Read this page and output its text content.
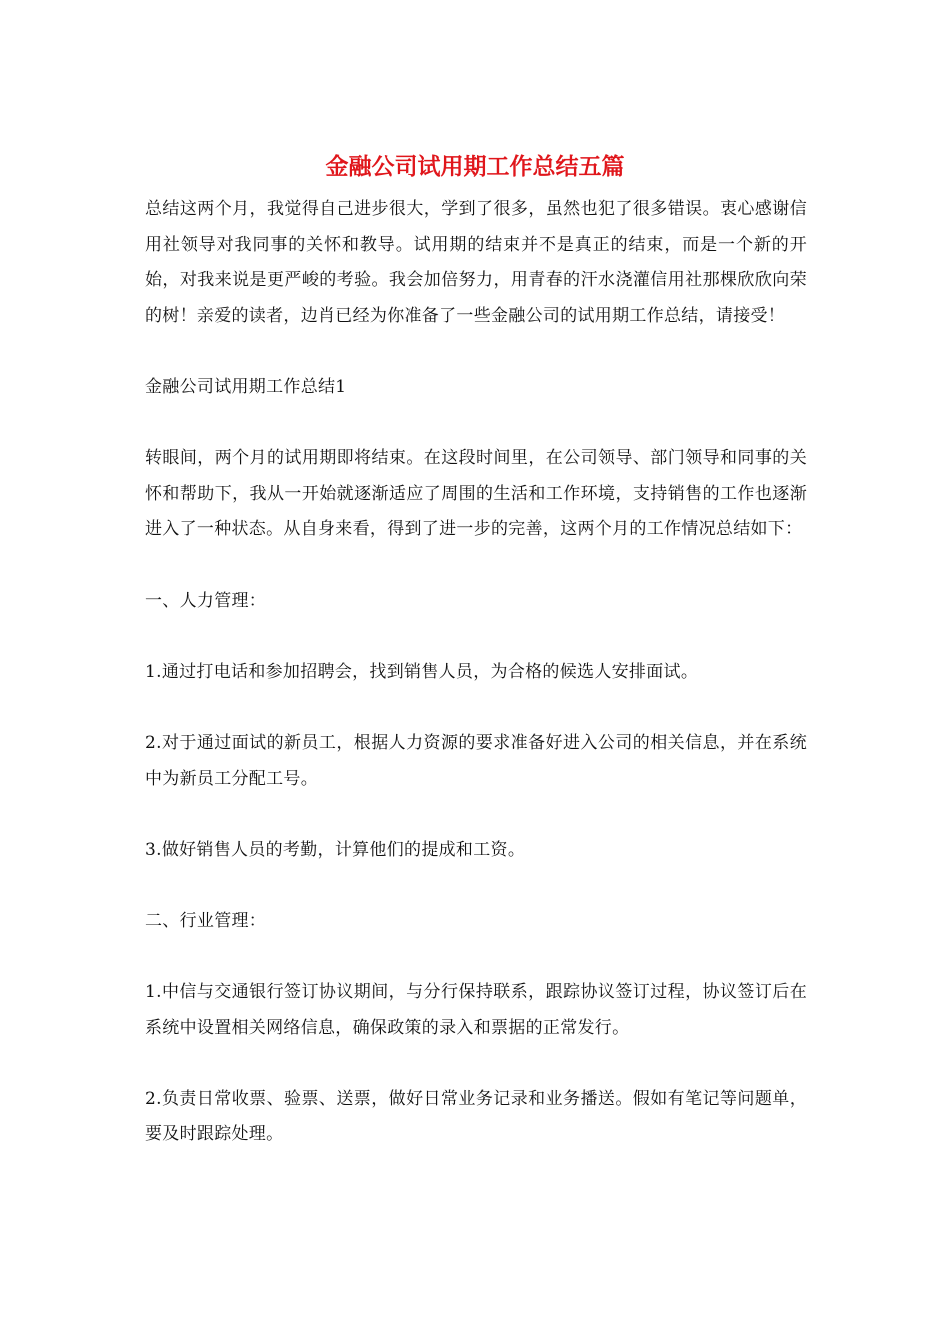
金融公司试用期工作总结五篇

总结这两个月，我觉得自己进步很大，学到了很多，虽然也犯了很多错误。衷心感谢信用社领导对我同事的关怀和教导。试用期的结束并不是真正的结束，而是一个新的开始，对我来说是更严峻的考验。我会加倍努力，用青春的汗水浇灌信用社那棵欣欣向荣的树！亲爱的读者，边肖已经为你准备了一些金融公司的试用期工作总结，请接受！

金融公司试用期工作总结1

转眼间，两个月的试用期即将结束。在这段时间里，在公司领导、部门领导和同事的关怀和帮助下，我从一开始就逐渐适应了周围的生活和工作环境，支持销售的工作也逐渐进入了一种状态。从自身来看，得到了进一步的完善，这两个月的工作情况总结如下：

一、人力管理：

1.通过打电话和参加招聘会，找到销售人员，为合格的候选人安排面试。

2.对于通过面试的新员工，根据人力资源的要求准备好进入公司的相关信息，并在系统中为新员工分配工号。

3.做好销售人员的考勤，计算他们的提成和工资。

二、行业管理：

1.中信与交通银行签订协议期间，与分行保持联系，跟踪协议签订过程，协议签订后在系统中设置相关网络信息，确保政策的录入和票据的正常发行。

2.负责日常收票、验票、送票，做好日常业务记录和业务播送。假如有笔记等问题单，要及时跟踪处理。
